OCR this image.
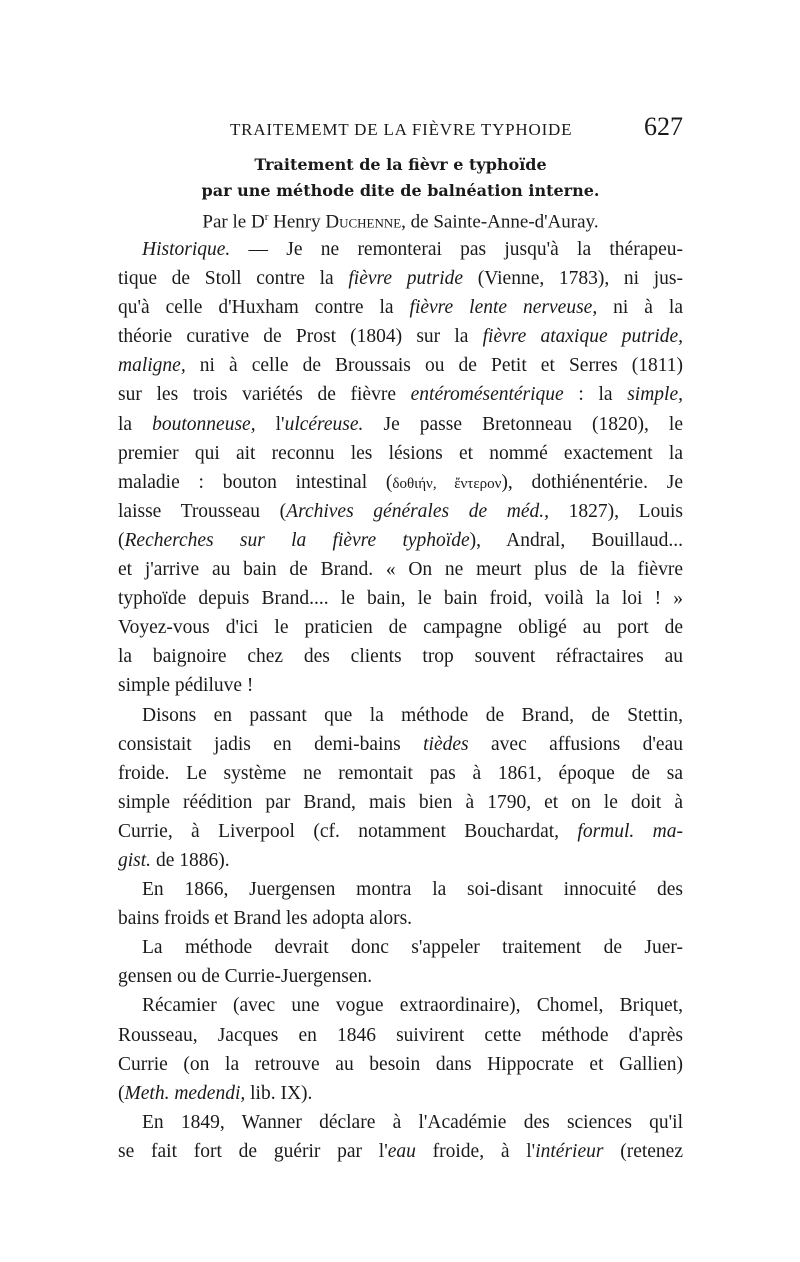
TRAITEMEMT DE LA FIÈVRE TYPHOIDE	627
Traitement de la fièvr e typhoïde
par une méthode dite de balnéation interne.
Par le $D^r$ Henry Duchenne, de Sainte-Anne-d'Auray.
Historique. — Je ne remonterai pas jusqu'à la thérapeu-
tique de Stoll contre la fièvre putride (Vienne, 1783), ni jus-
qu'à celle d'Huxham contre la fièvre lente nerveuse, ni à la
théorie curative de Prost (1804) sur la fièvre ataxique putride,
maligne, ni à celle de Broussais ou de Petit et Serres (1811)
sur les trois variétés de fièvre entéromésentérique : la simple,
la boutonneuse, l'ulcéreuse. Je passe Bretonneau (1820), le
premier qui ait reconnu les lésions et nommé exactement la
maladie : bouton intestinal (δοθιήν, ἔντερον), dothiénentérie. Je
laisse Trousseau (Archives générales de méd., 1827), Louis
(Recherches sur la fièvre typhoïde), Andral, Bouillaud...
et j'arrive au bain de Brand. « On ne meurt plus de la fièvre
typhoïde depuis Brand.... le bain, le bain froid, voilà la loi ! »
Voyez-vous d'ici le praticien de campagne obligé au port de
la baignoire chez des clients trop souvent réfractaires au
simple pédiluve !
Disons en passant que la méthode de Brand, de Stettin,
consistait jadis en demi-bains tièdes avec affusions d'eau
froide. Le système ne remontait pas à 1861, époque de sa
simple réédition par Brand, mais bien à 1790, et on le doit à
Currie, à Liverpool (cf. notamment Bouchardat, formul. ma-
gist. de 1886).
En 1866, Juergensen montra la soi-disant innocuité des
bains froids et Brand les adopta alors.
La méthode devrait donc s'appeler traitement de Juer-
gensen ou de Currie-Juergensen.
Récamier (avec une vogue extraordinaire), Chomel, Briquet,
Rousseau, Jacques en 1846 suivirent cette méthode d'après
Currie (on la retrouve au besoin dans Hippocrate et Gallien)
(Meth. medendi, lib. IX).
En 1849, Wanner déclare à l'Académie des sciences qu'il
se fait fort de guérir par l'eau froide, à l'intérieur (retenez
